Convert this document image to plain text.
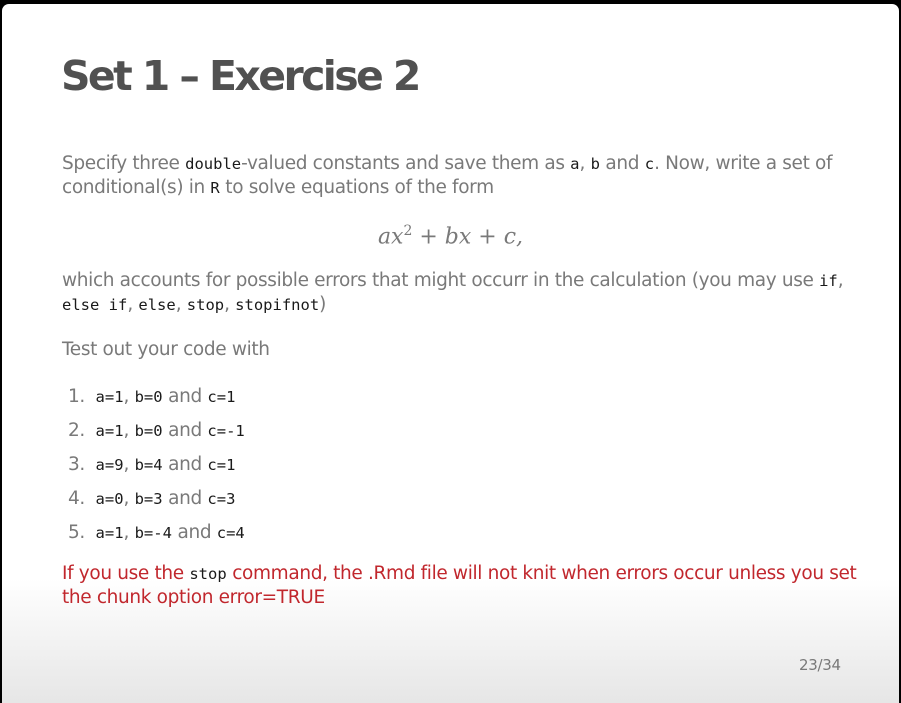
Set 1 – Exercise 2

Specify three double-valued constants and save them as a, b and c. Now, write a set of conditional(s) in R to solve equations of the form

$ax^2$ + bx + c,

which accounts for possible errors that might occurr in the calculation (you may use if, else if, else, stop, stopifnot)

Test out your code with

1. a=1, b=0 and c=1
2. a=1, b=0 and c=-1
3. a=9, b=4 and c=1
4. a=0, b=3 and c=3
5. a=1, b=-4 and c=4

If you use the stop command, the .Rmd file will not knit when errors occur unless you set the chunk option error=TRUE

23/34
